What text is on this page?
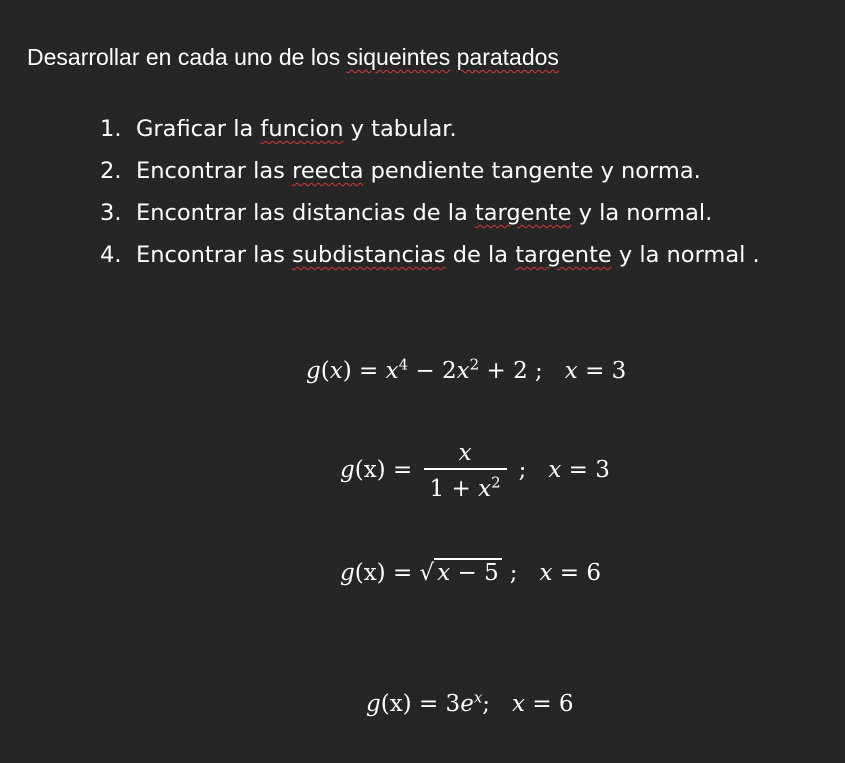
Desarrollar en cada uno de los siqueintes paratados
1. Graficar la funcion y tabular.
2. Encontrar las reecta pendiente tangente y norma.
3. Encontrar las distancias de la targente y la normal.
4. Encontrar las subdistancias de la targente y la normal .
$g(x) = x^4 - 2x^2 + 2$ ; x = 3
$g(x) = \frac{x}{1 + x^2}$ ; x = 3
g(x) = √ x − 5 ; x = 6
$g(x) = 3e^x$; x = 6
